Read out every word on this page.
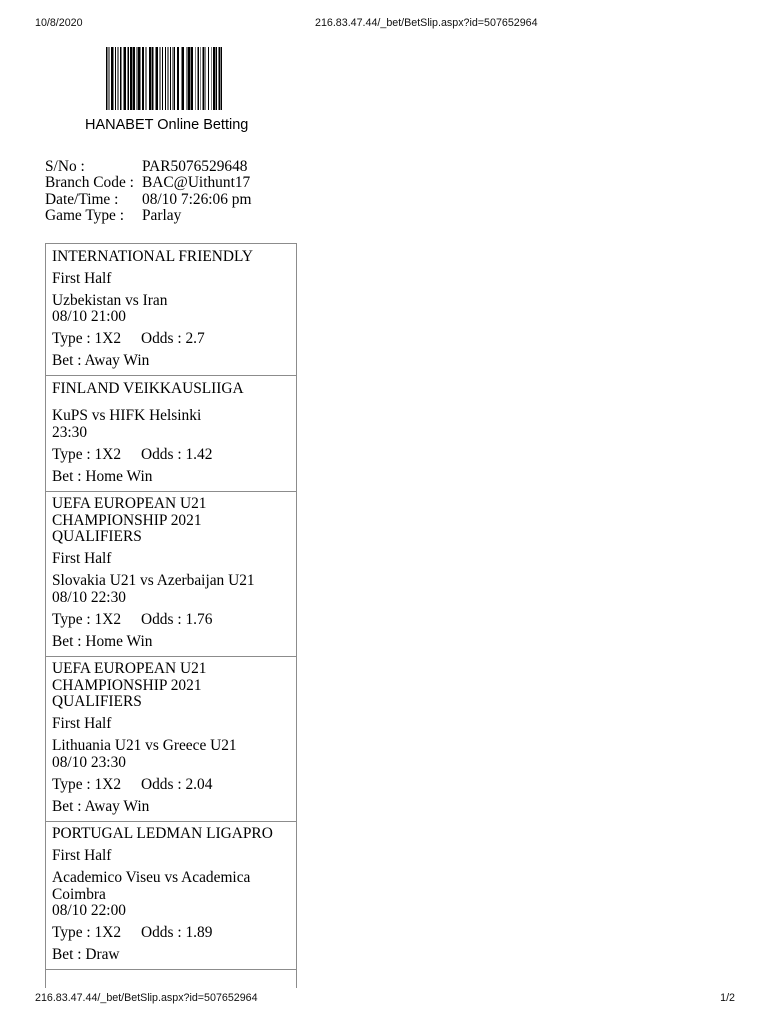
10/8/2020	216.83.47.44/_bet/BetSlip.aspx?id=507652964
HANABET Online Betting
S/No :	PAR5076529648
Branch Code : BAC@Uithunt17
Date/Time :	08/10 7:26:06 pm
Game Type :	Parlay
INTERNATIONAL FRIENDLY
First Half
Uzbekistan vs Iran
08/10 21:00
Type : 1X2 Odds : 2.7
Bet : Away Win
FINLAND VEIKKAUSLIIGA
KuPS vs HIFK Helsinki
23:30
Type : 1X2 Odds : 1.42
Bet : Home Win
UEFA EUROPEAN U21 CHAMPIONSHIP 2021 QUALIFIERS
First Half
Slovakia U21 vs Azerbaijan U21
08/10 22:30
Type : 1X2 Odds : 1.76
Bet : Home Win
UEFA EUROPEAN U21 CHAMPIONSHIP 2021 QUALIFIERS
First Half
Lithuania U21 vs Greece U21
08/10 23:30
Type : 1X2 Odds : 2.04
Bet : Away Win
PORTUGAL LEDMAN LIGAPRO
First Half
Academico Viseu vs Academica Coimbra
08/10 22:00
Type : 1X2 Odds : 1.89
Bet : Draw
216.83.47.44/_bet/BetSlip.aspx?id=507652964	1/2
